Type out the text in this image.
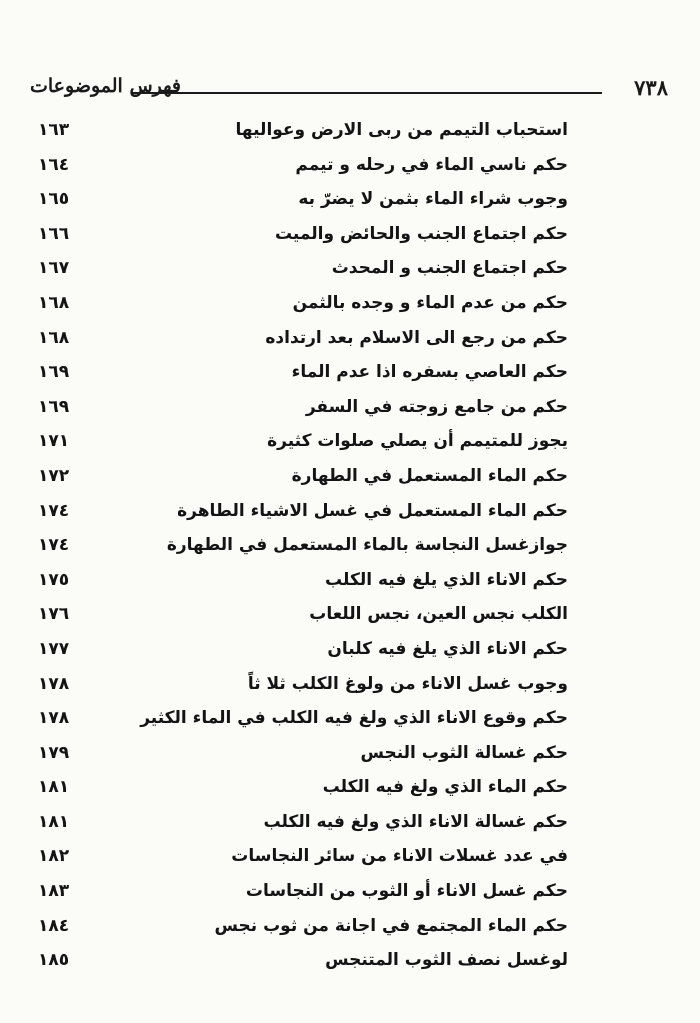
٧٣٨
فهرس الموضوعات
استحباب التيمم من ربى الارض وعواليها
١٦٣
حكم ناسي الماء في رحله و تيمم
١٦٤
وجوب شراء الماء بثمن لا يضرّ به
١٦٥
حكم اجتماع الجنب والحائض والميت
١٦٦
حكم اجتماع الجنب و المحدث
١٦٧
حكم من عدم الماء و وجده بالثمن
١٦٨
حكم من رجع الى الاسلام بعد ارتداده
١٦٨
حكم العاصي بسفره اذا عدم الماء
١٦٩
حكم من جامع زوجته في السفر
١٦٩
يجوز للمتيمم أن يصلي صلوات كثيرة
١٧١
حكم الماء المستعمل في الطهارة
١٧٢
حكم الماء المستعمل في غسل الاشياء الطاهرة
١٧٤
جوازغسل النجاسة بالماء المستعمل في الطهارة
١٧٤
حكم الاناء الذي يلغ فيه الكلب
١٧٥
الكلب نجس العين، نجس اللعاب
١٧٦
حكم الاناء الذي يلغ فيه كلبان
١٧٧
وجوب غسل الاناء من ولوغ الكلب ثلا ثاً
١٧٨
حكم وقوع الاناء الذي ولغ فيه الكلب في الماء الكثير
١٧٨
حكم غسالة الثوب النجس
١٧٩
حكم الماء الذي ولغ فيه الكلب
١٨١
حكم غسالة الاناء الذي ولغ فيه الكلب
١٨١
في عدد غسلات الاناء من سائر النجاسات
١٨٢
حكم غسل الاناء أو الثوب من النجاسات
١٨٣
حكم الماء المجتمع في اجانة من ثوب نجس
١٨٤
لوغسل نصف الثوب المتنجس
١٨٥
